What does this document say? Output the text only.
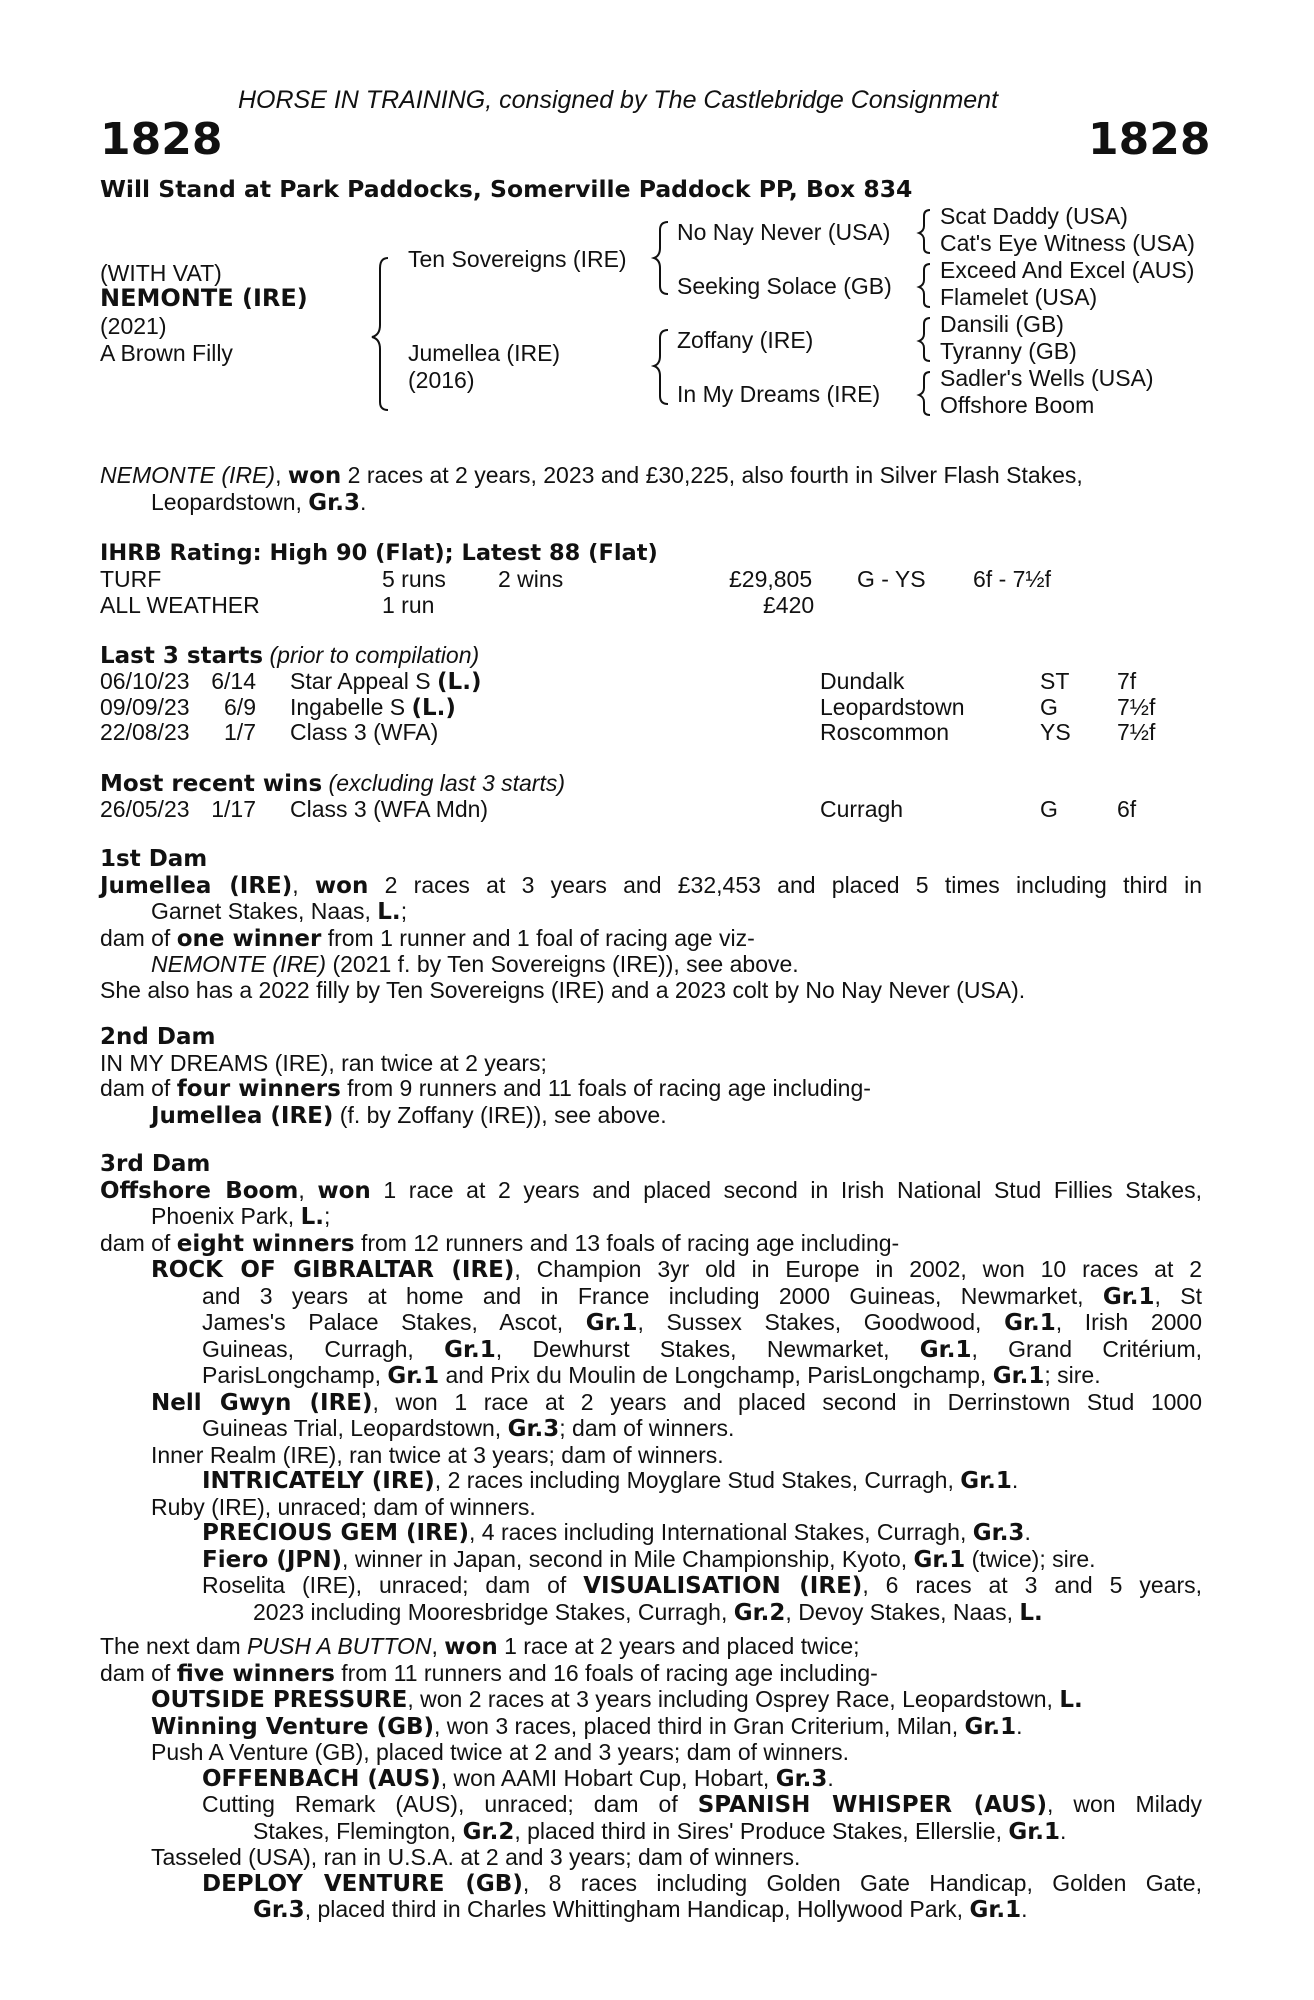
HORSE IN TRAINING, consigned by The Castlebridge Consignment
1828	1828
Will Stand at Park Paddocks, Somerville Paddock PP, Box 834
(WITH VAT)
NEMONTE (IRE)
(2021)
A Brown Filly
Ten Sovereigns (IRE)
Jumellea (IRE)
(2016)
No Nay Never (USA)
Seeking Solace (GB)
Zoffany (IRE)
In My Dreams (IRE)
Scat Daddy (USA)
Cat's Eye Witness (USA)
Exceed And Excel (AUS)
Flamelet (USA)
Dansili (GB)
Tyranny (GB)
Sadler's Wells (USA)
Offshore Boom
NEMONTE (IRE), won 2 races at 2 years, 2023 and £30,225, also fourth in Silver Flash Stakes,
Leopardstown, Gr.3.
IHRB Rating: High 90 (Flat); Latest 88 (Flat)
TURF	5 runs 2 wins	£29,805 G - YS 6f - 7½f
ALL WEATHER	1 run	£420
Last 3 starts (prior to compilation)
06/10/23 6/14 Star Appeal S (L.)	Dundalk	ST 7f
09/09/23	6/9 Ingabelle S (L.)	Leopardstown	G	7½f
22/08/23	1/7 Class 3 (WFA)	Roscommon	YS 7½f
Most recent wins (excluding last 3 starts)
26/05/23 1/17 Class 3 (WFA Mdn)	Curragh	G	6f
1st Dam
Jumellea (IRE), won 2 races at 3 years and £32,453 and placed 5 times including third in
Garnet Stakes, Naas, L.;
dam of one winner from 1 runner and 1 foal of racing age viz-
NEMONTE (IRE) (2021 f. by Ten Sovereigns (IRE)), see above.
She also has a 2022 filly by Ten Sovereigns (IRE) and a 2023 colt by No Nay Never (USA).
2nd Dam
IN MY DREAMS (IRE), ran twice at 2 years;
dam of four winners from 9 runners and 11 foals of racing age including-
Jumellea (IRE) (f. by Zoffany (IRE)), see above.
3rd Dam
Offshore Boom, won 1 race at 2 years and placed second in Irish National Stud Fillies Stakes,
Phoenix Park, L.;
dam of eight winners from 12 runners and 13 foals of racing age including-
ROCK OF GIBRALTAR (IRE), Champion 3yr old in Europe in 2002, won 10 races at 2
and 3 years at home and in France including 2000 Guineas, Newmarket, Gr.1, St
James's Palace Stakes, Ascot, Gr.1, Sussex Stakes, Goodwood, Gr.1, Irish 2000
Guineas, Curragh, Gr.1, Dewhurst Stakes, Newmarket, Gr.1, Grand Critérium,
ParisLongchamp, Gr.1 and Prix du Moulin de Longchamp, ParisLongchamp, Gr.1; sire.
Nell Gwyn (IRE), won 1 race at 2 years and placed second in Derrinstown Stud 1000
Guineas Trial, Leopardstown, Gr.3; dam of winners.
Inner Realm (IRE), ran twice at 3 years; dam of winners.
INTRICATELY (IRE), 2 races including Moyglare Stud Stakes, Curragh, Gr.1.
Ruby (IRE), unraced; dam of winners.
PRECIOUS GEM (IRE), 4 races including International Stakes, Curragh, Gr.3.
Fiero (JPN), winner in Japan, second in Mile Championship, Kyoto, Gr.1 (twice); sire.
Roselita (IRE), unraced; dam of VISUALISATION (IRE), 6 races at 3 and 5 years,
2023 including Mooresbridge Stakes, Curragh, Gr.2, Devoy Stakes, Naas, L.
The next dam PUSH A BUTTON, won 1 race at 2 years and placed twice;
dam of five winners from 11 runners and 16 foals of racing age including-
OUTSIDE PRESSURE, won 2 races at 3 years including Osprey Race, Leopardstown, L.
Winning Venture (GB), won 3 races, placed third in Gran Criterium, Milan, Gr.1.
Push A Venture (GB), placed twice at 2 and 3 years; dam of winners.
OFFENBACH (AUS), won AAMI Hobart Cup, Hobart, Gr.3.
Cutting Remark (AUS), unraced; dam of SPANISH WHISPER (AUS), won Milady
Stakes, Flemington, Gr.2, placed third in Sires' Produce Stakes, Ellerslie, Gr.1.
Tasseled (USA), ran in U.S.A. at 2 and 3 years; dam of winners.
DEPLOY VENTURE (GB), 8 races including Golden Gate Handicap, Golden Gate,
Gr.3, placed third in Charles Whittingham Handicap, Hollywood Park, Gr.1.
